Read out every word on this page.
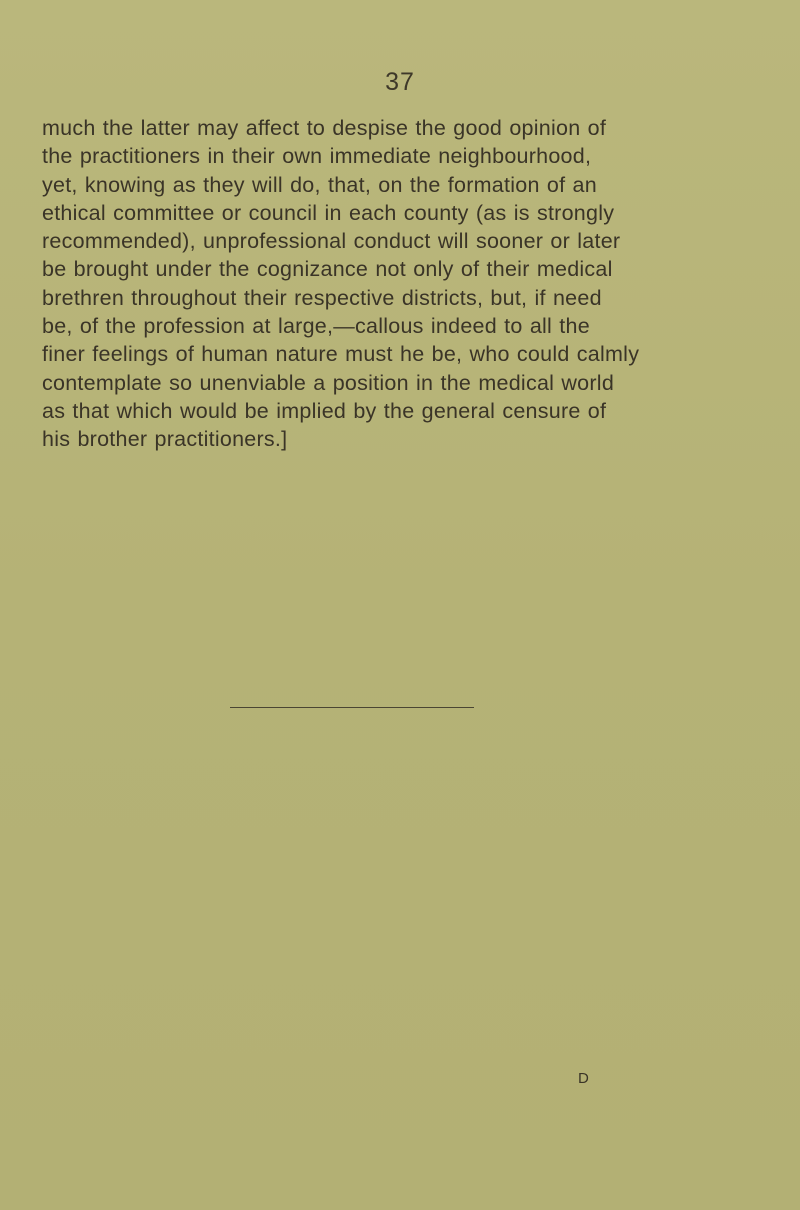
37
much the latter may affect to despise the good opinion of
the practitioners in their own immediate neighbourhood,
yet, knowing as they will do, that, on the formation of an
ethical committee or council in each county (as is strongly
recommended), unprofessional conduct will sooner or later
be brought under the cognizance not only of their medical
brethren throughout their respective districts, but, if need
be, of the profession at large,—callous indeed to all the
finer feelings of human nature must he be, who could calmly
contemplate so unenviable a position in the medical world
as that which would be implied by the general censure of
his brother practitioners.]
D
